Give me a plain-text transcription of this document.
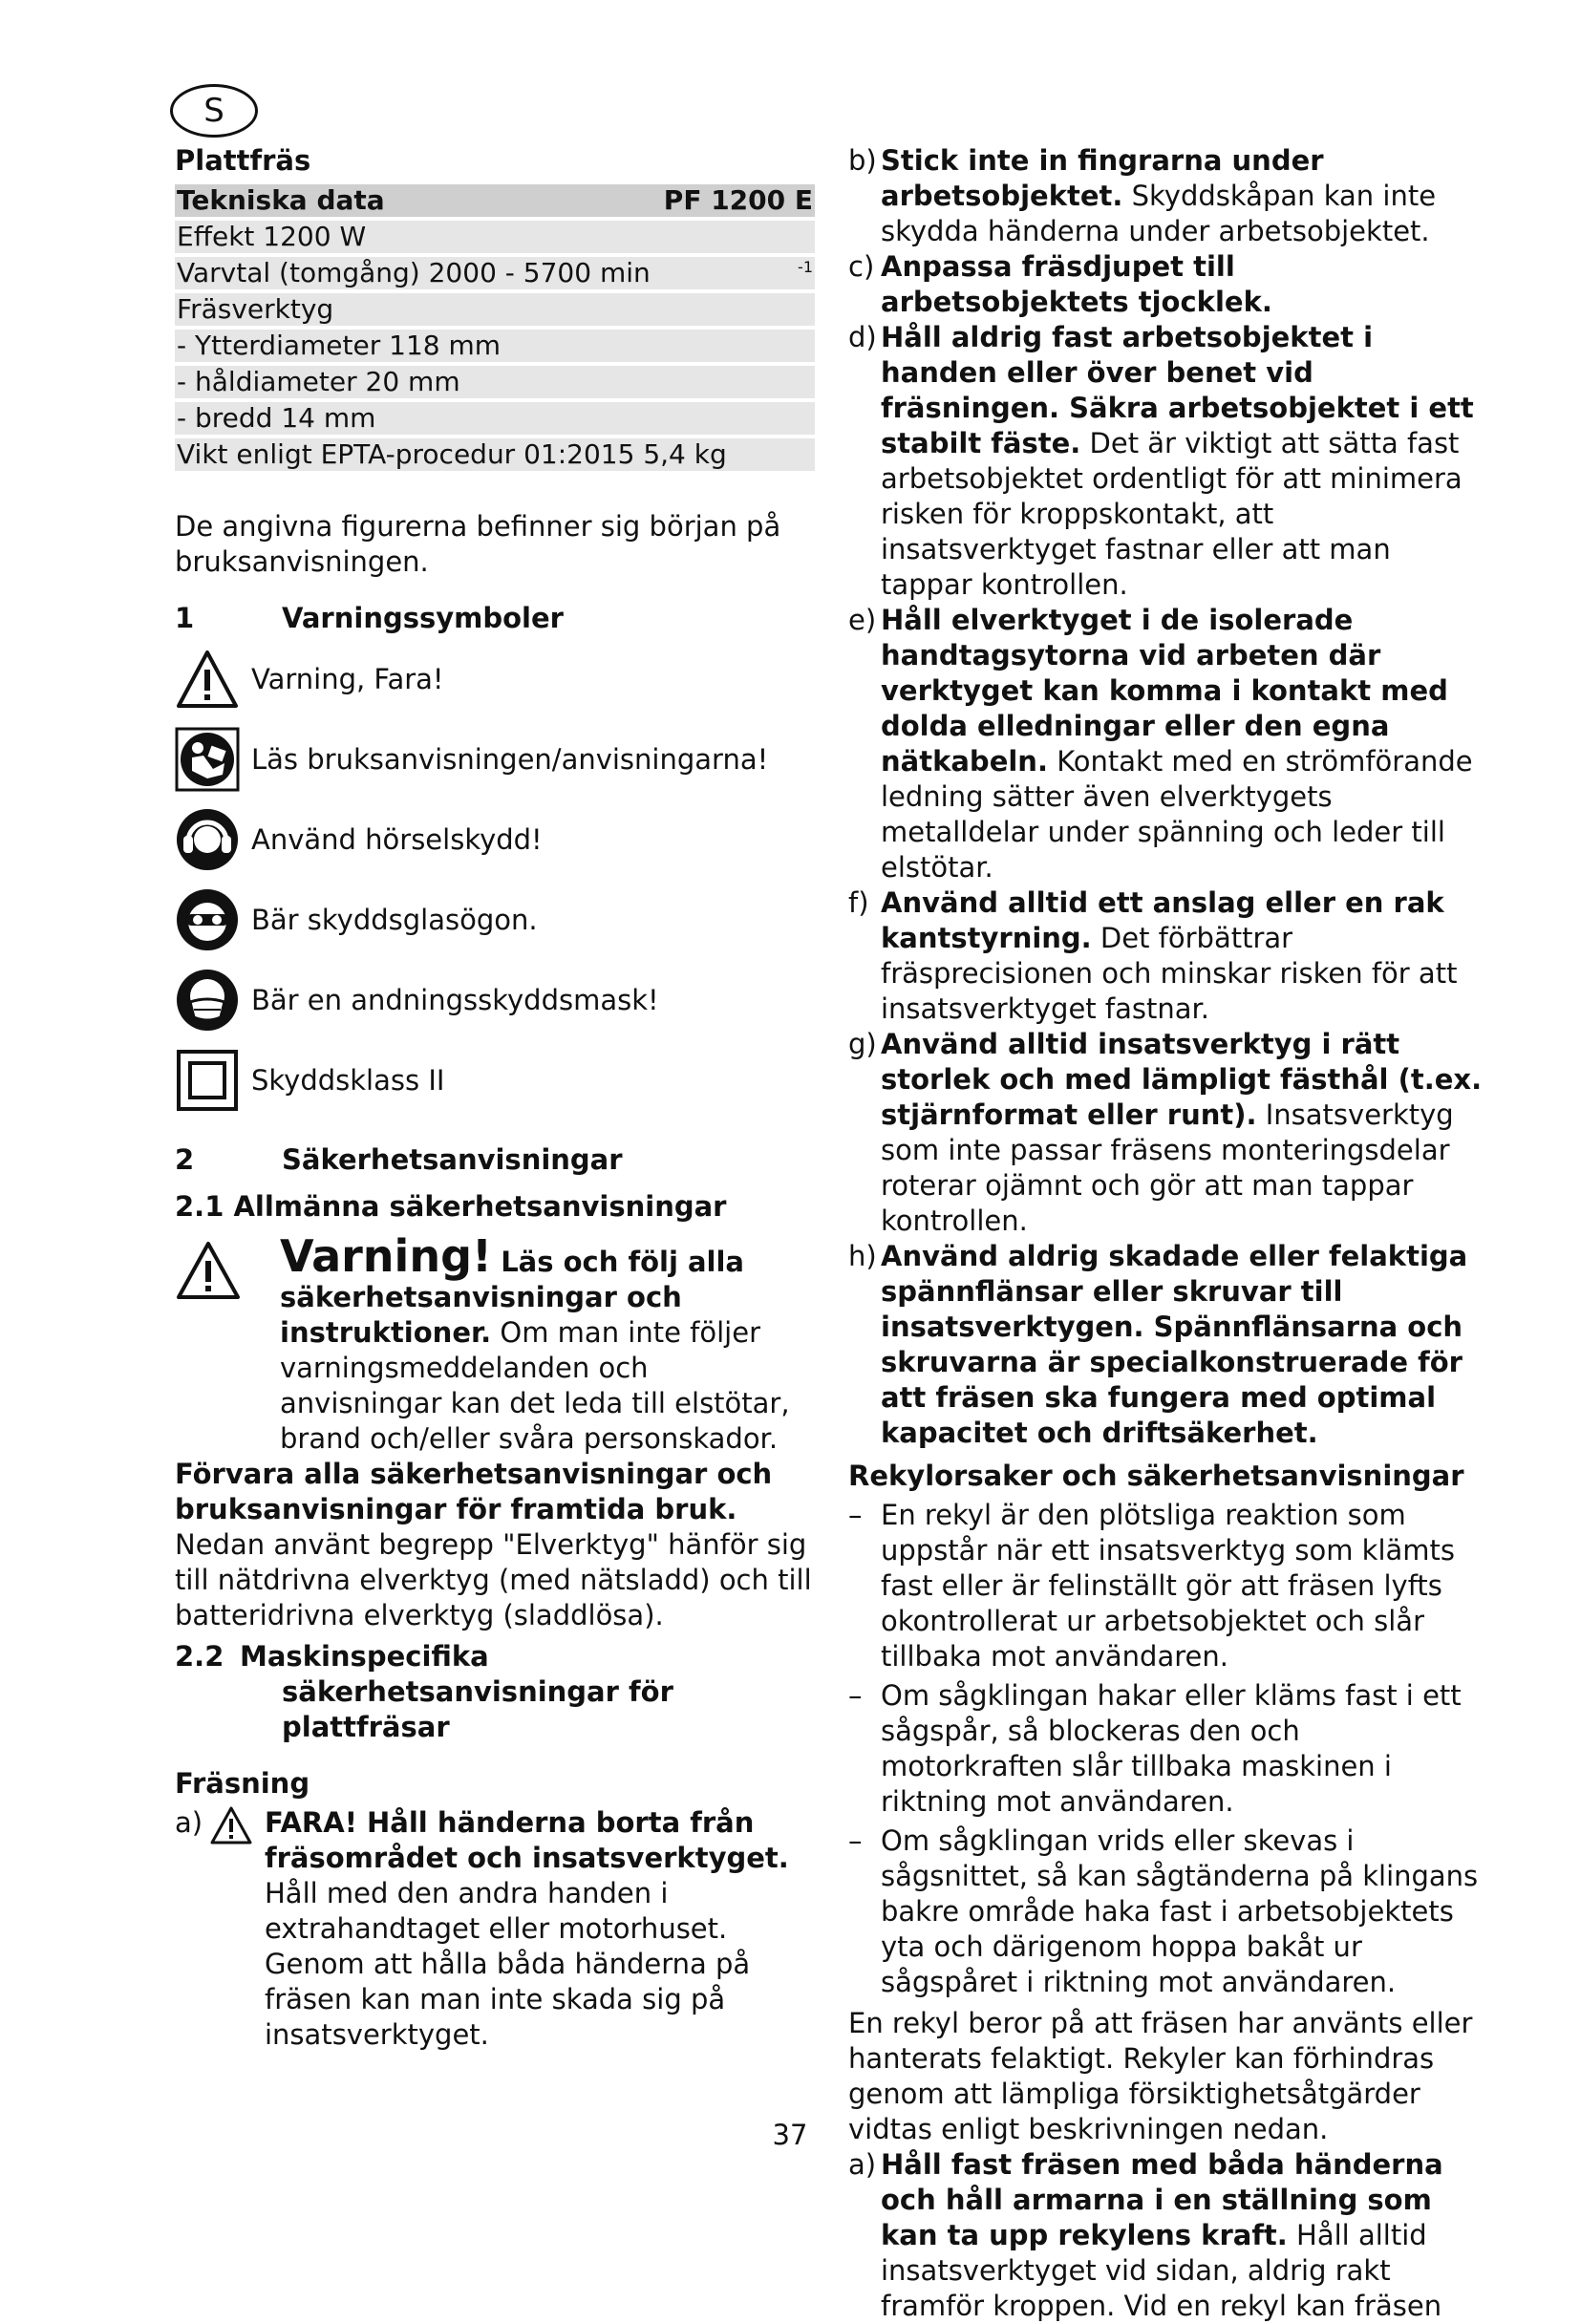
S

Plattfräs

Tekniska data	PF 1200 E
Effekt 1200 W
Varvtal (tomgång) 2000 - 5700 min	-1
Fräsverktyg
- Ytterdiameter 118 mm
- håldiameter 20 mm
- bredd 14 mm
Vikt enligt EPTA-procedur 01:2015 5,4 kg

De angivna figurerna befinner sig början på bruksanvisningen.

1	Varningssymboler
Varning, Fara!
Läs bruksanvisningen/anvisningarna!
Använd hörselskydd!
Bär skyddsglasögon.
Bär en andningsskyddsmask!
Skyddsklass II
2	Säkerhetsanvisningar

2.1 Allmänna säkerhetsanvisningar

Varning! Läs och följ alla säkerhetsanvisningar och instruktioner. Om man inte följer varningsmeddelanden och anvisningar kan det leda till elstötar, brand och/eller svåra personskador.

Förvara alla säkerhetsanvisningar och bruksanvisningar för framtida bruk.

Nedan använt begrepp "Elverktyg" hänför sig till nätdrivna elverktyg (med nätsladd) och till batteridrivna elverktyg (sladdlösa).

2.2 Maskinspecifika säkerhetsanvisningar för plattfräsar

Fräsning

a) FARA! Håll händerna borta från fräsområdet och insatsverktyget. Håll med den andra handen i extrahandtaget eller motorhuset. Genom att hålla båda händerna på fräsen kan man inte skada sig på insatsverktyget.

b) Stick inte in fingrarna under arbetsobjektet. Skyddskåpan kan inte skydda händerna under arbetsobjektet.

c) Anpassa fräsdjupet till arbetsobjektets tjocklek.

d) Håll aldrig fast arbetsobjektet i handen eller över benet vid fräsningen. Säkra arbetsobjektet i ett stabilt fäste. Det är viktigt att sätta fast arbetsobjektet ordentligt för att minimera risken för kroppskontakt, att insatsverktyget fastnar eller att man tappar kontrollen.

e) Håll elverktyget i de isolerade handtagsytorna vid arbeten där verktyget kan komma i kontakt med dolda elledningar eller den egna nätkabeln. Kontakt med en strömförande ledning sätter även elverktygets metalldelar under spänning och leder till elstötar.

f) Använd alltid ett anslag eller en rak kantstyrning. Det förbättrar fräsprecisionen och minskar risken för att insatsverktyget fastnar.

g) Använd alltid insatsverktyg i rätt storlek och med lämpligt fästhål (t.ex. stjärnformat eller runt). Insatsverktyg som inte passar fräsens monteringsdelar roterar ojämnt och gör att man tappar kontrollen.

h) Använd aldrig skadade eller felaktiga spännflänsar eller skruvar till insatsverktygen. Spännflänsarna och skruvarna är specialkonstruerade för att fräsen ska fungera med optimal kapacitet och driftsäkerhet.

Rekylorsaker och säkerhetsanvisningar

– En rekyl är den plötsliga reaktion som uppstår när ett insatsverktyg som klämts fast eller är felinställt gör att fräsen lyfts okontrollerat ur arbetsobjektet och slår tillbaka mot användaren.

– Om sågklingan hakar eller kläms fast i ett sågspår, så blockeras den och motorkraften slår tillbaka maskinen i riktning mot användaren.

– Om sågklingan vrids eller skevas i sågsnittet, så kan sågtänderna på klingans bakre område haka fast i arbetsobjektets yta och därigenom hoppa bakåt ur sågspåret i riktning mot användaren.

En rekyl beror på att fräsen har använts eller hanterats felaktigt. Rekyler kan förhindras genom att lämpliga försiktighetsåtgärder vidtas enligt beskrivningen nedan.

a) Håll fast fräsen med båda händerna och håll armarna i en ställning som kan ta upp rekylens kraft. Håll alltid insatsverktyget vid sidan, aldrig rakt framför kroppen. Vid en rekyl kan fräsen

37
